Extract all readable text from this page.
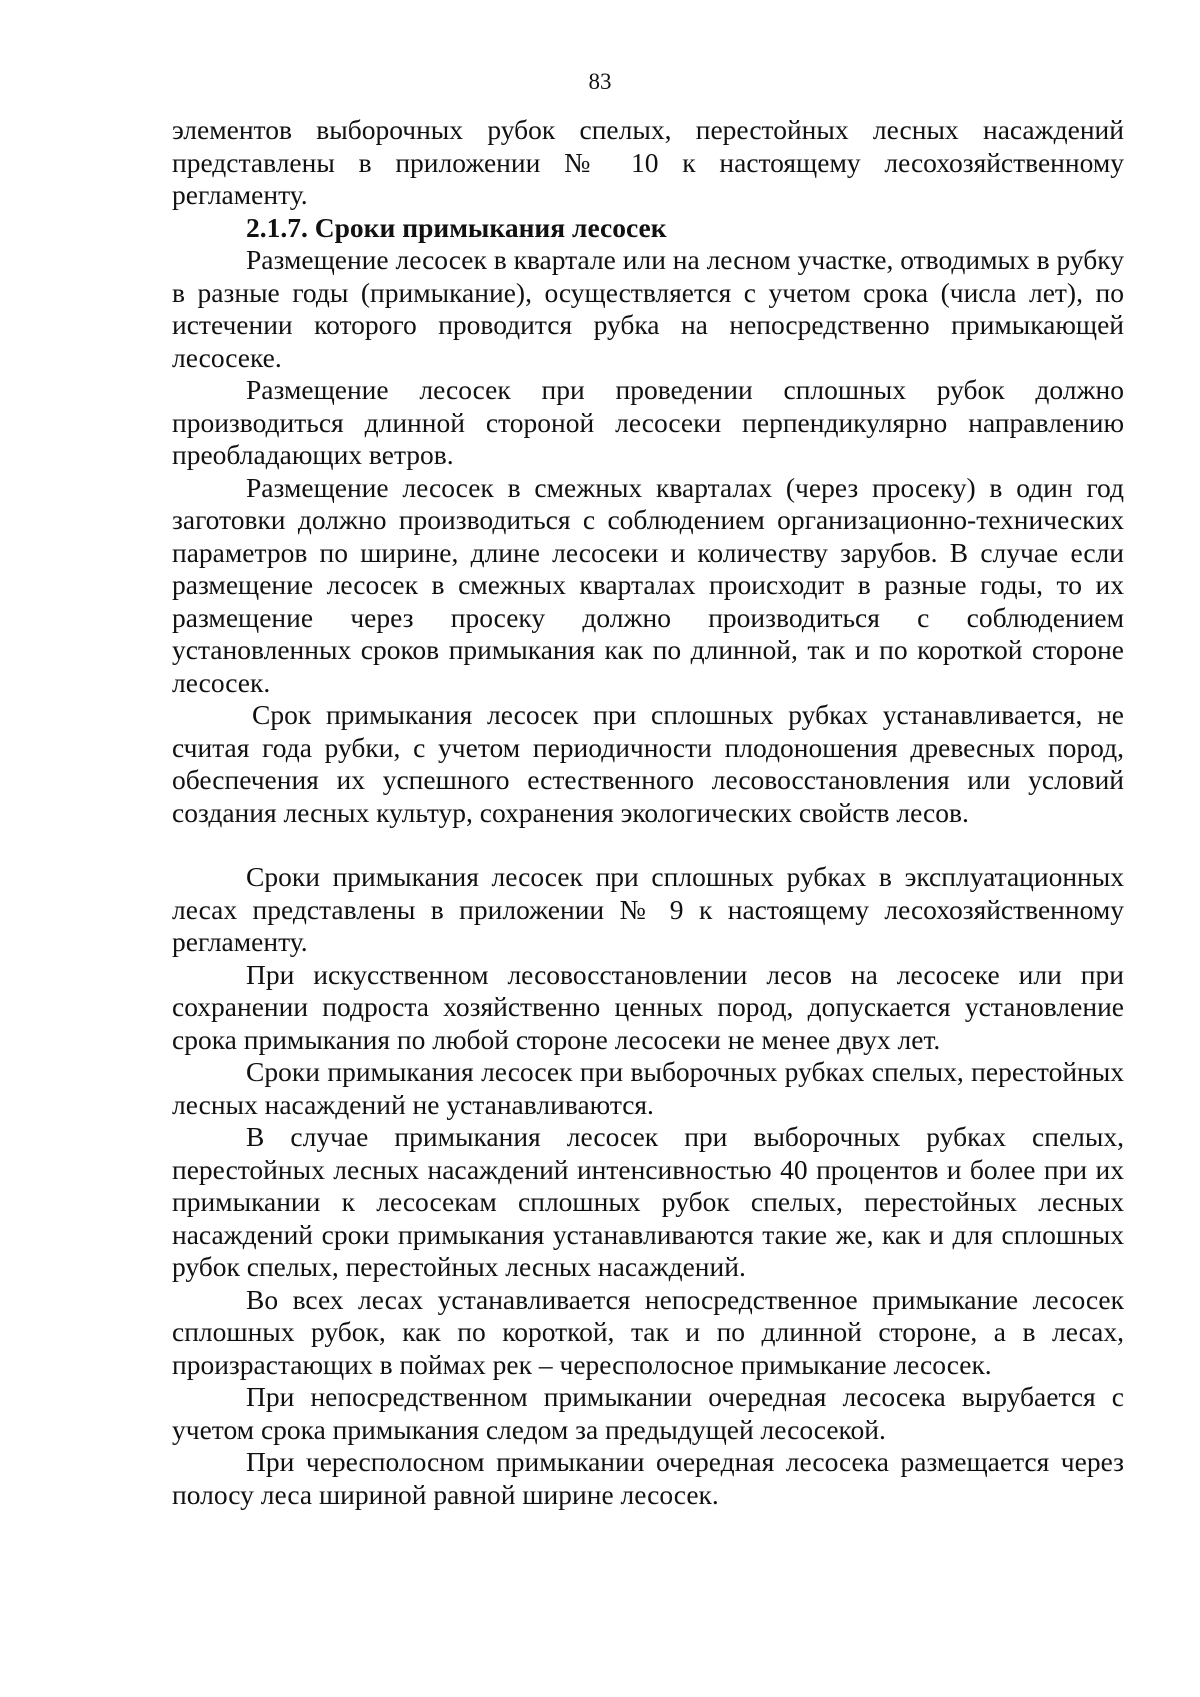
83

элементов выборочных рубок спелых, перестойных лесных насаждений представлены в приложении № 10 к настоящему лесохозяйственному регламенту.

2.1.7. Сроки примыкания лесосек

Размещение лесосек в квартале или на лесном участке, отводимых в рубку в разные годы (примыкание), осуществляется с учетом срока (числа лет), по истечении которого проводится рубка на непосредственно примыкающей лесосеке.

Размещение лесосек при проведении сплошных рубок должно производиться длинной стороной лесосеки перпендикулярно направлению преобладающих ветров.

Размещение лесосек в смежных кварталах (через просеку) в один год заготовки должно производиться с соблюдением организационно-технических параметров по ширине, длине лесосеки и количеству зарубов. В случае если размещение лесосек в смежных кварталах происходит в разные годы, то их размещение через просеку должно производиться с соблюдением установленных сроков примыкания как по длинной, так и по короткой стороне лесосек.

Срок примыкания лесосек при сплошных рубках устанавливается, не считая года рубки, с учетом периодичности плодоношения древесных пород, обеспечения их успешного естественного лесовосстановления или условий создания лесных культур, сохранения экологических свойств лесов.

Сроки примыкания лесосек при сплошных рубках в эксплуатационных лесах представлены в приложении № 9 к настоящему лесохозяйственному регламенту.

При искусственном лесовосстановлении лесов на лесосеке или при сохранении подроста хозяйственно ценных пород, допускается установление срока примыкания по любой стороне лесосеки не менее двух лет.

Сроки примыкания лесосек при выборочных рубках спелых, перестойных лесных насаждений не устанавливаются.

В случае примыкания лесосек при выборочных рубках спелых, перестойных лесных насаждений интенсивностью 40 процентов и более при их примыкании к лесосекам сплошных рубок спелых, перестойных лесных насаждений сроки примыкания устанавливаются такие же, как и для сплошных рубок спелых, перестойных лесных насаждений.

Во всех лесах устанавливается непосредственное примыкание лесосек сплошных рубок, как по короткой, так и по длинной стороне, а в лесах, произрастающих в поймах рек – чересполосное примыкание лесосек.

При непосредственном примыкании очередная лесосека вырубается с учетом срока примыкания следом за предыдущей лесосекой.

При чересполосном примыкании очередная лесосека размещается через полосу леса шириной равной ширине лесосек.
